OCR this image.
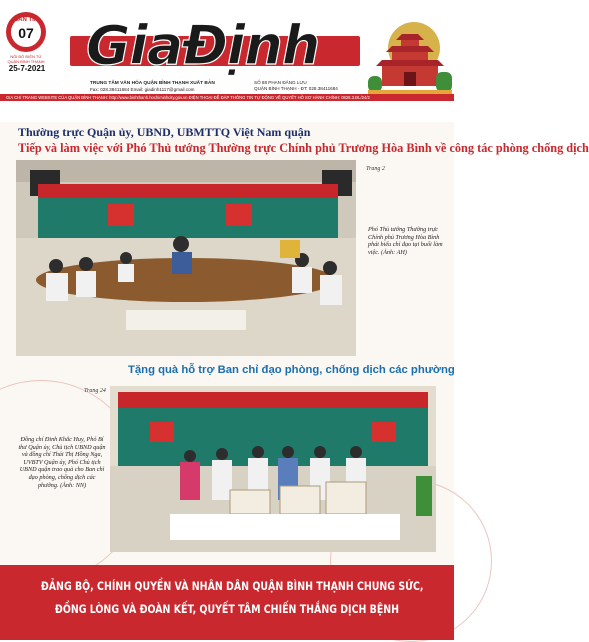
BẢN TIN
07
NỘI BỘ ĐIỆN TỬ QUẬN BÌNH THẠNH
25-7-2021 GiaĐịnh
TRUNG TÂM VĂN HÓA QUẬN BÌNH THẠNH XUẤT BẢN
Fax: 028.38411684 Email: giadinh1117@gmail.com
SỐ 88 PHAN ĐĂNG LƯU
QUẬN BÌNH THẠNH - ĐT: 028.38411684
GIA CHỈ TRANG WEBSITE CỦA QUẬN BÌNH THẠNH: http://www.binhthanh.hochiminhcity.gov.vn ĐIỆN THOẠI ĐỂ ĐÁP THÔNG TIN TỰ ĐỘNG VỀ QUYẾT HỒ SƠ HÀNH CHÍNH: 0828.3.ĐL/24/2
Thường trực Quận ủy, UBND, UBMTTQ Việt Nam quận
Tiếp và làm việc với Phó Thủ tướng Thường trực Chính phủ Trương Hòa Bình về công tác phòng chống dịch
Trang 2
Phó Thủ tướng Thường trực Chính phủ Trương Hòa Bình phát biểu chỉ đạo tại buổi làm việc. (Ảnh: AH)
Tặng quà hỗ trợ Ban chỉ đạo phòng, chống dịch các phường
Trang 24
Đồng chí Đinh Khắc Huy, Phó Bí thư Quận ủy, Chủ tịch UBND quận và đồng chí Thái Thị Hồng Nga, UVBTV Quận ủy, Phó Chủ tịch UBND quận trao quà cho Ban chỉ đạo phòng, chống dịch các phường. (Ảnh: NN)
ĐẢNG BỘ, CHÍNH QUYỀN VÀ NHÂN DÂN QUẬN BÌNH THẠNH CHUNG SỨC,
ĐỒNG LÒNG VÀ ĐOÀN KẾT, QUYẾT TÂM CHIẾN THẮNG DỊCH BỆNH
